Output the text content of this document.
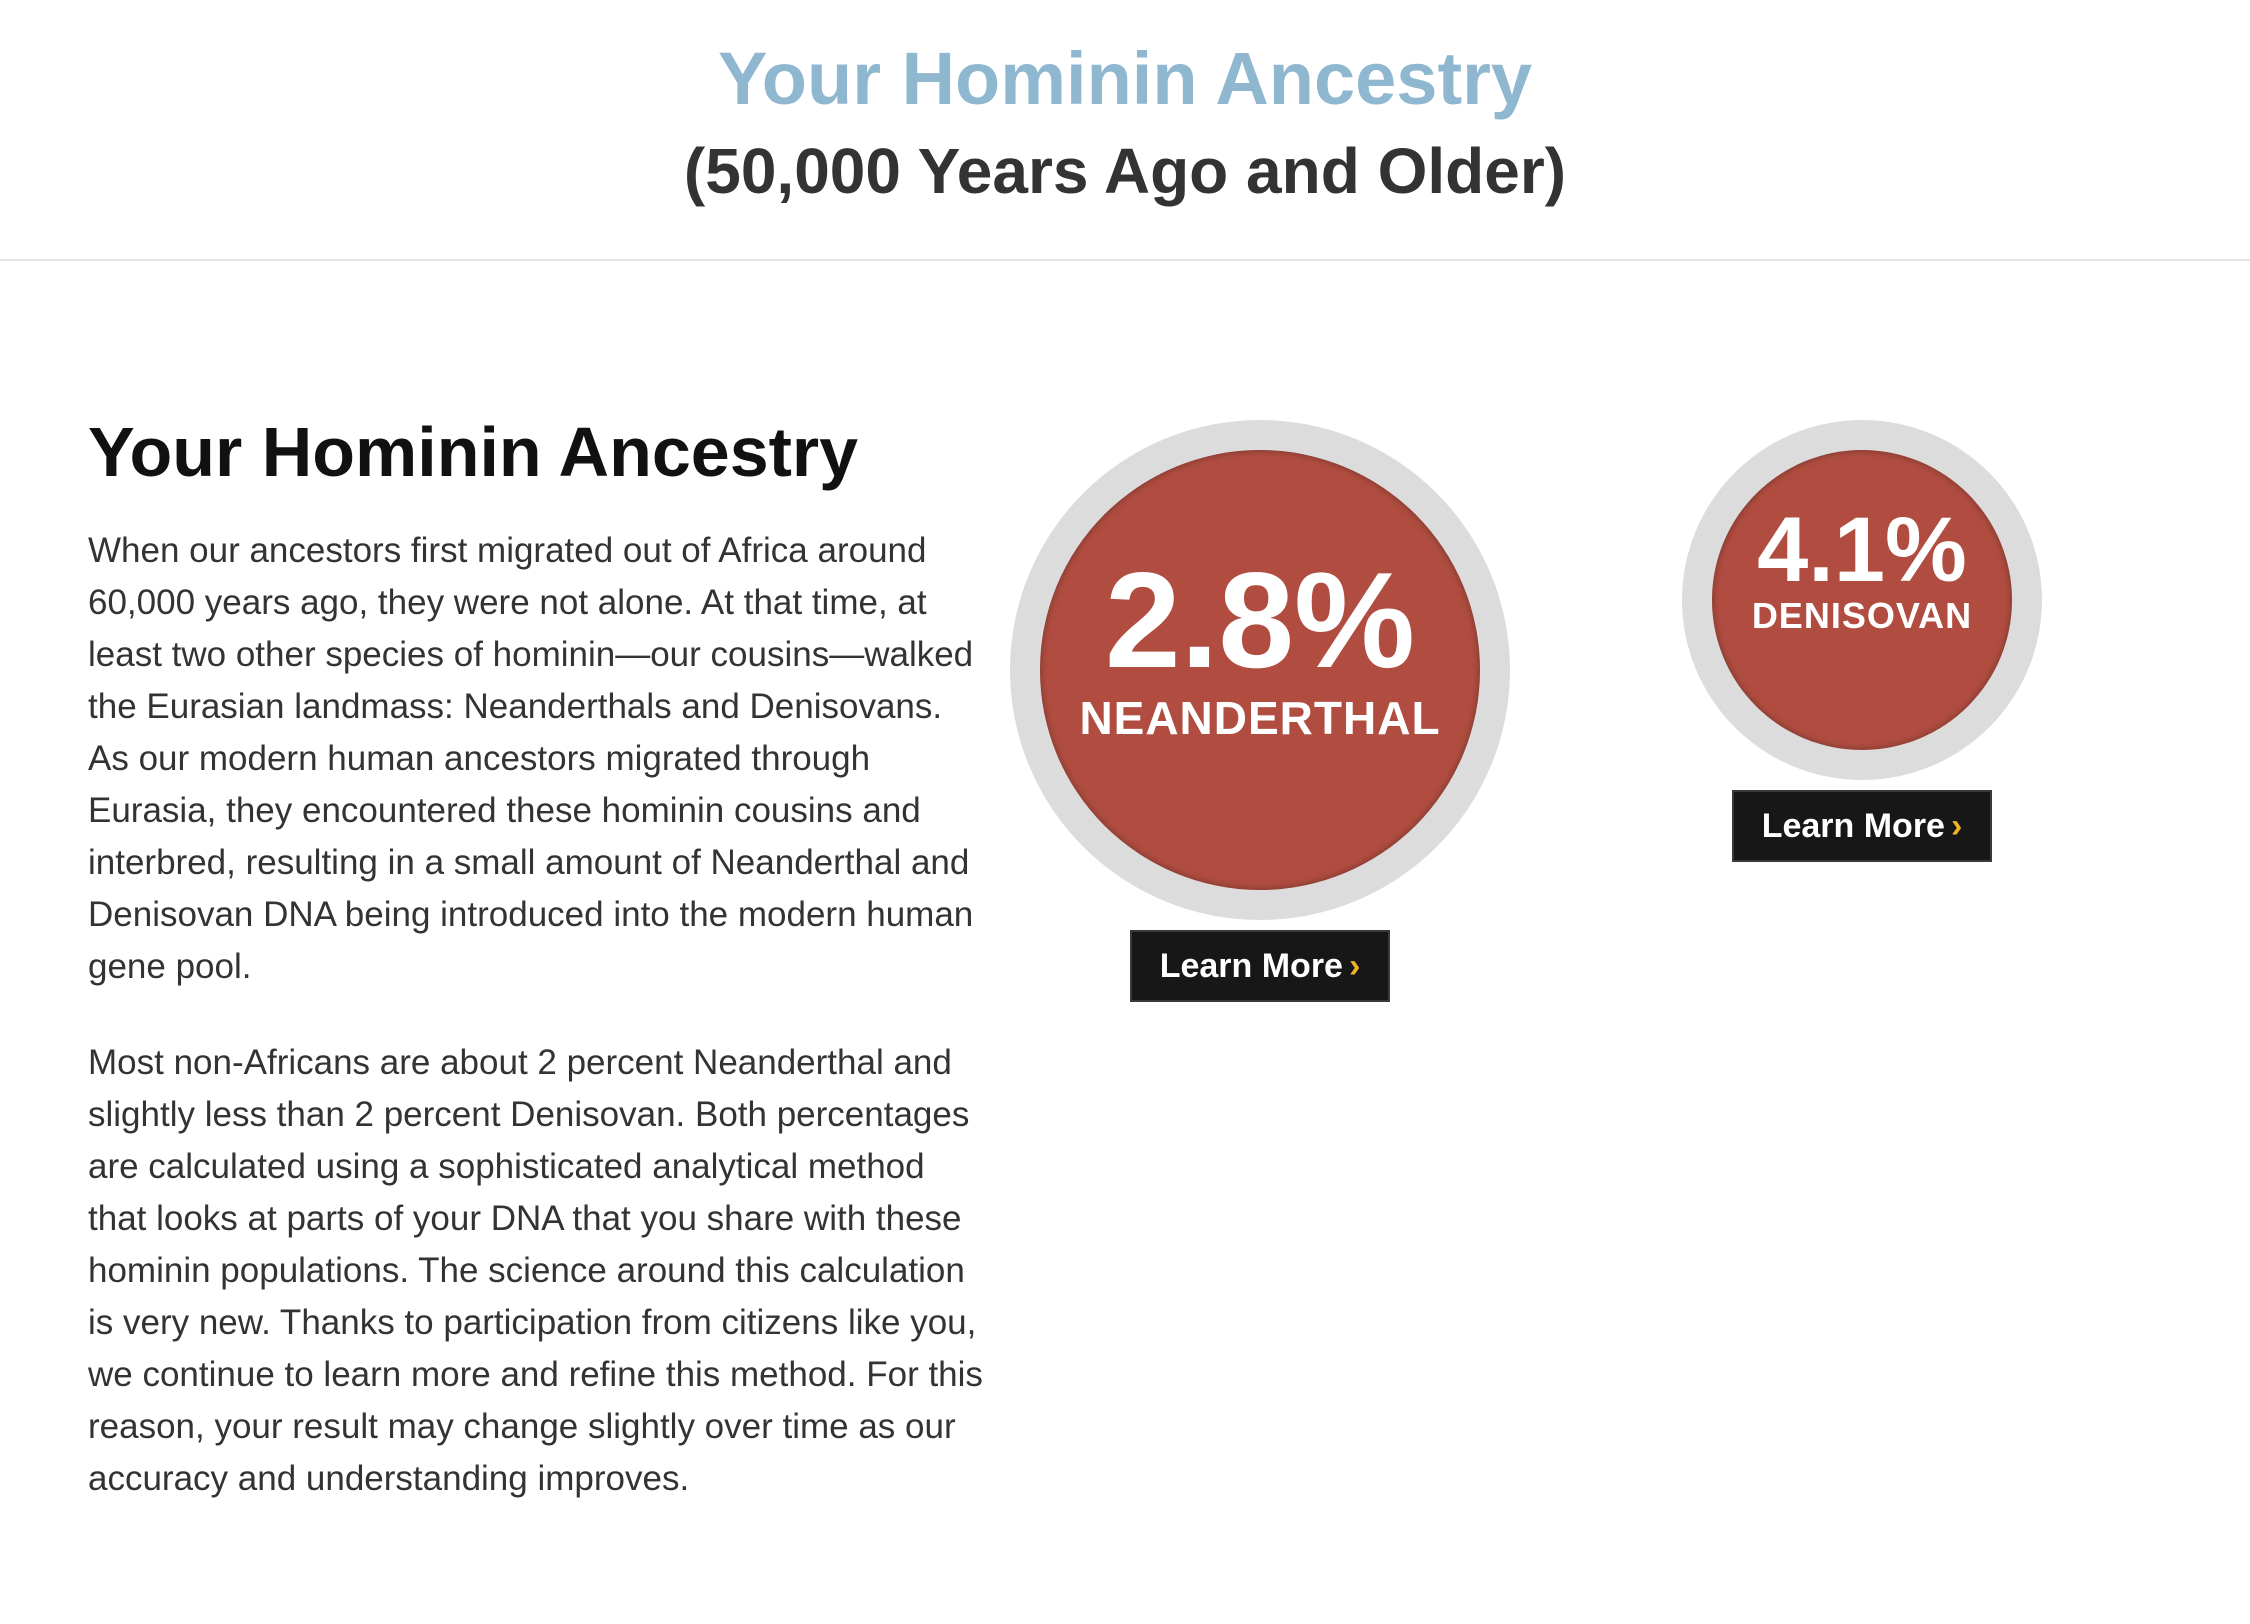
Your Hominin Ancestry
(50,000 Years Ago and Older)
Your Hominin Ancestry

When our ancestors first migrated out of Africa around 60,000 years ago, they were not alone. At that time, at least two other species of hominin—our cousins—walked the Eurasian landmass: Neanderthals and Denisovans. As our modern human ancestors migrated through Eurasia, they encountered these hominin cousins and interbred, resulting in a small amount of Neanderthal and Denisovan DNA being introduced into the modern human gene pool.

Most non-Africans are about 2 percent Neanderthal and slightly less than 2 percent Denisovan. Both percentages are calculated using a sophisticated analytical method that looks at parts of your DNA that you share with these hominin populations. The science around this calculation is very new. Thanks to participation from citizens like you, we continue to learn more and refine this method. For this reason, your result may change slightly over time as our accuracy and understanding improves.

2.8%
NEANDERTHAL
Learn More ›
4.1%
DENISOVAN
Learn More ›
